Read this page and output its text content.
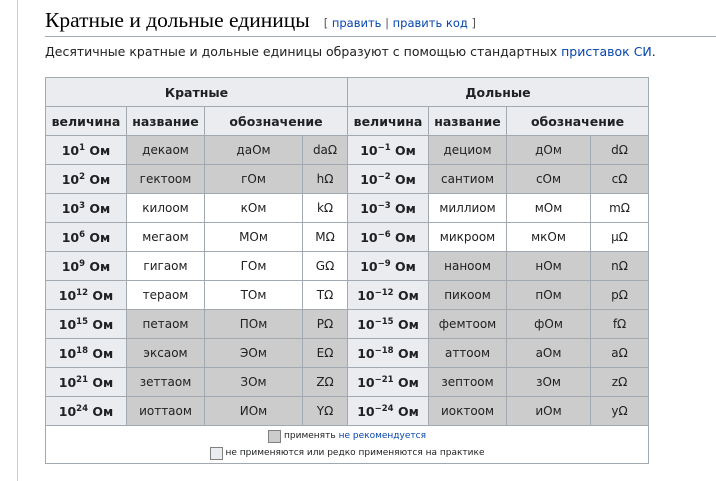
Кратные и дольные единицы [ править | править код ]
Десятичные кратные и дольные единицы образуют с помощью стандартных приставок СИ.
Кратные				Дольные			
величина	название	обозначение		величина	название	обозначение	
$10^1$ Ом	декаом	даОм	daΩ	$10^{-1}$ Ом	дециом	дОм	dΩ
$10^2$ Ом	гектоом	гОм	hΩ	$10^{-2}$ Ом	сантиом	сОм	cΩ
$10^3$ Ом	килоом	кОм	kΩ	$10^{-3}$ Ом	миллиом	мОм	mΩ
$10^6$ Ом	мегаом	МОм	MΩ	$10^{-6}$ Ом	микроом	мкОм	µΩ
$10^9$ Ом	гигаом	ГОм	GΩ	$10^{-9}$ Ом	наноом	нОм	nΩ
$10^{12}$ Ом	тераом	ТОм	TΩ	$10^{-12}$ Ом	пикоом	пОм	pΩ
$10^{15}$ Ом	петаом	ПОм	PΩ	$10^{-15}$ Ом	фемтоом	фОм	fΩ
$10^{18}$ Ом	эксаом	ЭОм	EΩ	$10^{-18}$ Ом	аттоом	аОм	aΩ
$10^{21}$ Ом	зеттаом	ЗОм	ZΩ	$10^{-21}$ Ом	зептоом	зОм	zΩ
$10^{24}$ Ом	иоттаом	ИОм	YΩ	$10^{-24}$ Ом	иоктоом	иОм	yΩ

применять не рекомендуется
не применяются или редко применяются на практике							
